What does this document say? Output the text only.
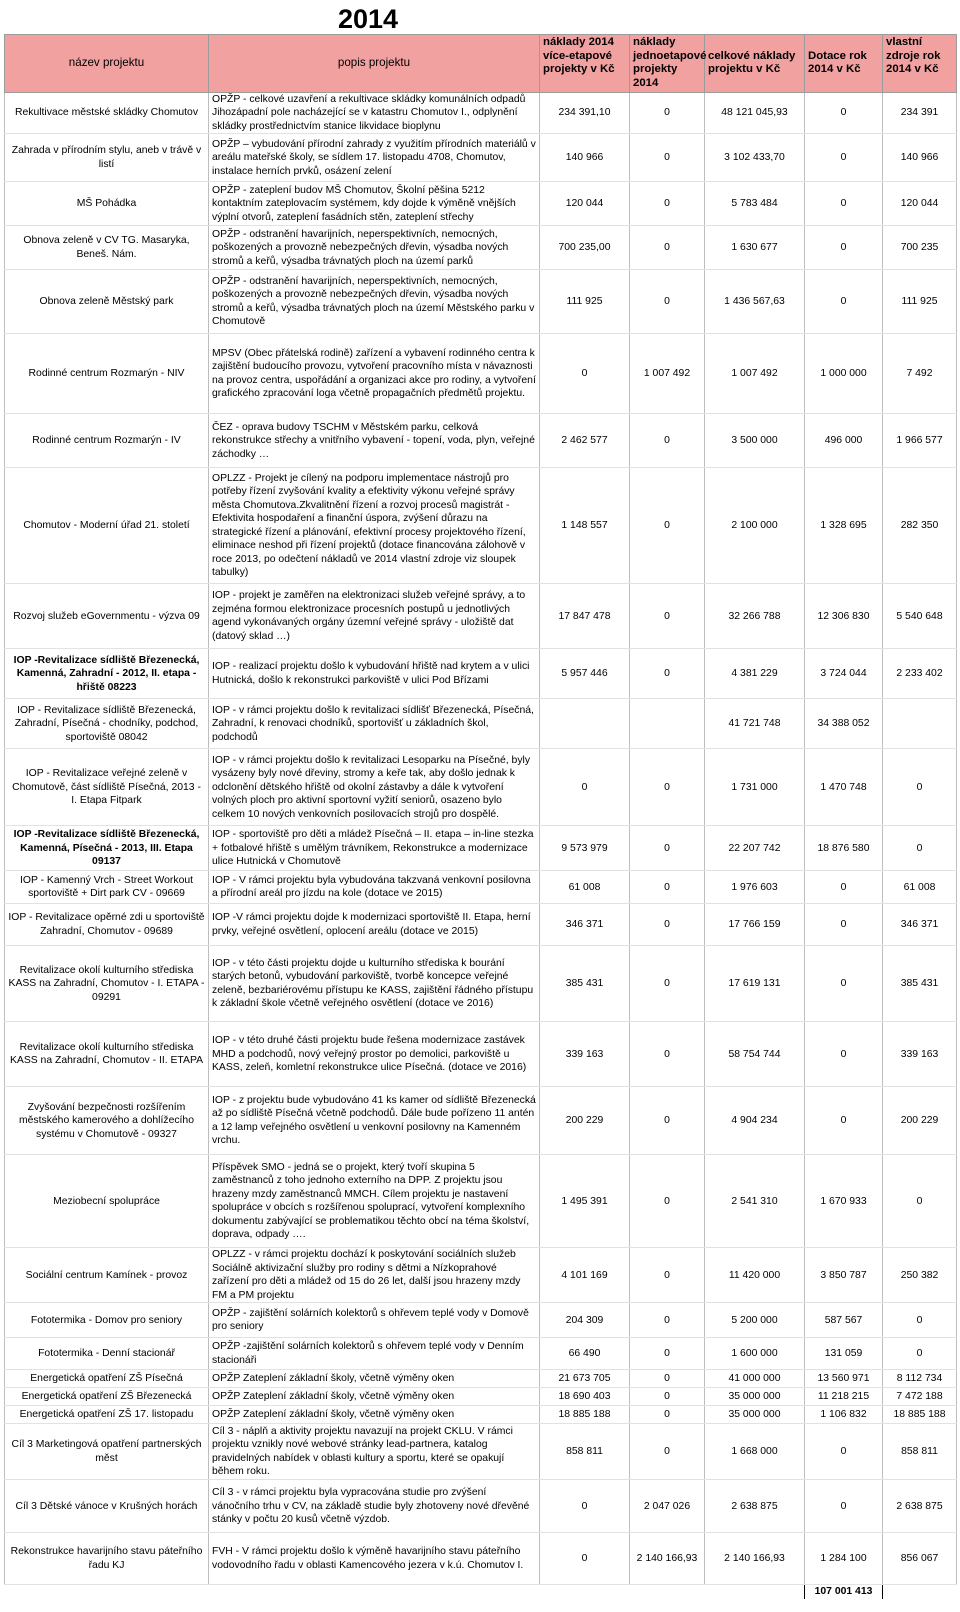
2014
název projektu	popis projektu	náklady 2014 více-etapové projekty v Kč	náklady jednoetapové projekty 2014	celkové náklady projektu v Kč	Dotace rok 2014 v Kč	vlastní zdroje rok 2014 v Kč
Rekultivace městské skládky Chomutov	OPŽP - celkové uzavření a rekultivace skládky komunálních odpadů Jihozápadní pole nacházející se v katastru Chomutov I., odplynění skládky prostřednictvím stanice likvidace bioplynu	234 391,10	0	48 121 045,93	0	234 391
Zahrada v přírodním stylu, aneb v trávě v listí	OPŽP – vybudování přírodní zahrady z využitím přírodních materiálů v areálu mateřské školy, se sídlem 17. listopadu 4708, Chomutov, instalace herních prvků, osázení zelení	140 966	0	3 102 433,70	0	140 966
MŠ Pohádka	OPŽP - zateplení budov MŠ Chomutov, Školní pěšina 5212 kontaktním zateplovacím systémem, kdy dojde k výměně vnějších výplní otvorů, zateplení fasádních stěn, zateplení střechy	120 044	0	5 783 484	0	120 044
Obnova zeleně v CV TG. Masaryka, Beneš. Nám.	OPŽP - odstranění havarijních, neperspektivních, nemocných, poškozených a provozně nebezpečných dřevin, výsadba nových stromů a keřů, výsadba trávnatých ploch na území parků	700 235,00	0	1 630 677	0	700 235
Obnova zeleně Městský park	OPŽP - odstranění havarijních, neperspektivních, nemocných, poškozených a provozně nebezpečných dřevin, výsadba nových stromů a keřů, výsadba trávnatých ploch na území Městského parku v Chomutově	111 925	0	1 436 567,63	0	111 925
Rodinné centrum Rozmarýn - NIV	MPSV (Obec přátelská rodině) zařízení a vybavení rodinného centra k zajištění budoucího provozu, vytvoření pracovního místa v návaznosti na provoz centra, uspořádání a organizaci akce pro rodiny, a vytvoření grafického zpracování loga včetně propagačních předmětů projektu.	0	1 007 492	1 007 492	1 000 000	7 492
Rodinné centrum Rozmarýn - IV	ČEZ - oprava budovy TSCHM v Městském parku, celková rekonstrukce střechy a vnitřního vybavení - topení, voda, plyn, veřejné záchodky …	2 462 577	0	3 500 000	496 000	1 966 577
Chomutov - Moderní úřad 21. století	OPLZZ - Projekt je cílený na podporu implementace nástrojů pro potřeby řízení zvyšování kvality a efektivity výkonu veřejné správy města Chomutova.Zkvalitnění řízení a rozvoj procesů magistrát - Efektivita hospodaření a finanční úspora, zvýšení důrazu na strategické řízení a plánování, efektivní procesy projektového řízení, eliminace neshod při řízení projektů (dotace financována zálohově v roce 2013, po odečtení nákladů ve 2014 vlastní zdroje viz sloupek tabulky)	1 148 557	0	2 100 000	1 328 695	282 350
Rozvoj služeb eGovernmentu - výzva 09	IOP - projekt je zaměřen na elektronizaci služeb veřejné správy, a to zejména formou elektronizace procesních postupů u jednotlivých agend vykonávaných orgány územní veřejné správy - uložiště dat (datový sklad …)	17 847 478	0	32 266 788	12 306 830	5 540 648
IOP -Revitalizace sídliště Březenecká, Kamenná, Zahradní - 2012, II. etapa - hřiště 08223	IOP - realizací projektu došlo k vybudování hřiště nad krytem a v ulici Hutnická, došlo k rekonstrukci parkoviště v ulici Pod Břízami	5 957 446	0	4 381 229	3 724 044	2 233 402
IOP - Revitalizace sídliště Březenecká, Zahradní, Písečná - chodníky, podchod, sportoviště 08042	IOP - v rámci projektu došlo k revitalizaci sídlišť Březenecká, Písečná, Zahradní, k renovaci chodníků, sportovišť u základních škol, podchodů			41 721 748	34 388 052	
IOP - Revitalizace veřejné zeleně v Chomutově, část sídliště Písečná, 2013 - I. Etapa Fitpark	IOP - v rámci projektu došlo k revitalizaci Lesoparku na Písečné, byly vysázeny byly nové dřeviny, stromy a keře tak, aby došlo jednak k odclonění dětského hřiště od okolní zástavby a dále k vytvoření volných ploch pro aktivní sportovní vyžití seniorů, osazeno bylo celkem 10 nových venkovních posilovacích strojů pro dospělé.	0	0	1 731 000	1 470 748	0
IOP -Revitalizace sídliště Březenecká, Kamenná, Písečná - 2013, III. Etapa 09137	IOP - sportoviště pro děti a mládež Písečná – II. etapa – in-line stezka + fotbalové hřiště s umělým trávníkem, Rekonstrukce a modernizace ulice Hutnická v Chomutově	9 573 979	0	22 207 742	18 876 580	0
IOP - Kamenný Vrch - Street Workout sportoviště + Dirt park CV - 09669	IOP - V rámci projektu byla vybudována takzvaná venkovní posilovna a přírodní areál pro jízdu na kole (dotace ve 2015)	61 008	0	1 976 603	0	61 008
IOP - Revitalizace opěrné zdi u sportoviště Zahradní, Chomutov - 09689	IOP -V rámci projektu dojde k modernizaci sportoviště II. Etapa, herní prvky, veřejné osvětlení, oplocení areálu (dotace ve 2015)	346 371	0	17 766 159	0	346 371
Revitalizace okolí kulturního střediska KASS na Zahradní, Chomutov - I. ETAPA - 09291	IOP - v této části projektu dojde u kulturního střediska k bourání starých betonů, vybudování parkoviště, tvorbě koncepce veřejné zeleně, bezbariérovému přístupu ke KASS, zajištění řádného přístupu k základní škole včetně veřejného osvětlení (dotace ve 2016)	385 431	0	17 619 131	0	385 431
Revitalizace okolí kulturního střediska KASS na Zahradní, Chomutov - II. ETAPA	IOP - v této druhé části projektu bude řešena modernizace zastávek MHD a podchodů, nový veřejný prostor po demolici, parkoviště u KASS, zeleň, komletní rekonstrukce ulice Písečná. (dotace ve 2016)	339 163	0	58 754 744	0	339 163
Zvyšování bezpečnosti rozšířením městského kamerového a dohlížecího systému v Chomutově - 09327	IOP - z projektu bude vybudováno 41 ks kamer od sídliště Březenecká až po sídliště Písečná včetně podchodů. Dále bude pořízeno 11 antén a 12 lamp veřejného osvětlení u venkovní posilovny na Kamenném vrchu.	200 229	0	4 904 234	0	200 229
Meziobecní spolupráce	Příspěvek SMO - jedná se o projekt, který tvoří skupina 5 zaměstnanců z toho jednoho externího na DPP. Z projektu jsou hrazeny mzdy zaměstnanců MMCH. Cílem projektu je nastavení spolupráce v obcích s rozšířenou spoluprací, vytvoření komplexního dokumentu zabývající se problematikou těchto obcí na téma školství, doprava, odpady ….	1 495 391	0	2 541 310	1 670 933	0
Sociální centrum Kamínek - provoz	OPLZZ - v rámci projektu dochází k poskytování sociálních služeb Sociálně aktivizační služby pro rodiny s dětmi a Nízkoprahové zařízení pro děti a mládež od 15 do 26 let, další jsou hrazeny mzdy FM a PM projektu	4 101 169	0	11 420 000	3 850 787	250 382
Fototermika - Domov pro seniory	OPŽP - zajištění solárních kolektorů s ohřevem teplé vody v Domově pro seniory	204 309	0	5 200 000	587 567	0
Fototermika - Denní stacionář	OPŽP -zajištění solárních kolektorů s ohřevem teplé vody v Denním stacionáři	66 490	0	1 600 000	131 059	0
Energetická opatření ZŠ Písečná	OPŽP Zateplení základní školy, včetně výměny oken	21 673 705	0	41 000 000	13 560 971	8 112 734
Energetická opatření ZŠ Březenecká	OPŽP Zateplení základní školy, včetně výměny oken	18 690 403	0	35 000 000	11 218 215	7 472 188
Energetická opatření ZŠ 17. listopadu	OPŽP Zateplení základní školy, včetně výměny oken	18 885 188	0	35 000 000	1 106 832	18 885 188
Cíl 3 Marketingová opatření partnerských měst	Cíl 3 - náplň a aktivity projektu navazují na projekt CKLU. V rámci projektu vznikly nové webové stránky lead-partnera, katalog pravidelných nabídek v oblasti kultury a sportu, které se opakují během roku.	858 811	0	1 668 000	0	858 811
Cíl 3 Dětské vánoce v Krušných horách	Cíl 3 - v rámci projektu byla vypracována studie pro zvýšení vánočního trhu v CV, na základě studie byly zhotoveny nové dřevěné stánky v počtu 20 kusů včetně výzdob.	0	2 047 026	2 638 875	0	2 638 875
Rekonstrukce havarijního stavu páteřního řadu KJ	FVH - V rámci projektu došlo k výměně havarijního stavu páteřního vodovodního řadu v oblasti Kamencového jezera v k.ú. Chomutov I.	0	2 140 166,93	2 140 166,93	1 284 100	856 067
					107 001 413	
